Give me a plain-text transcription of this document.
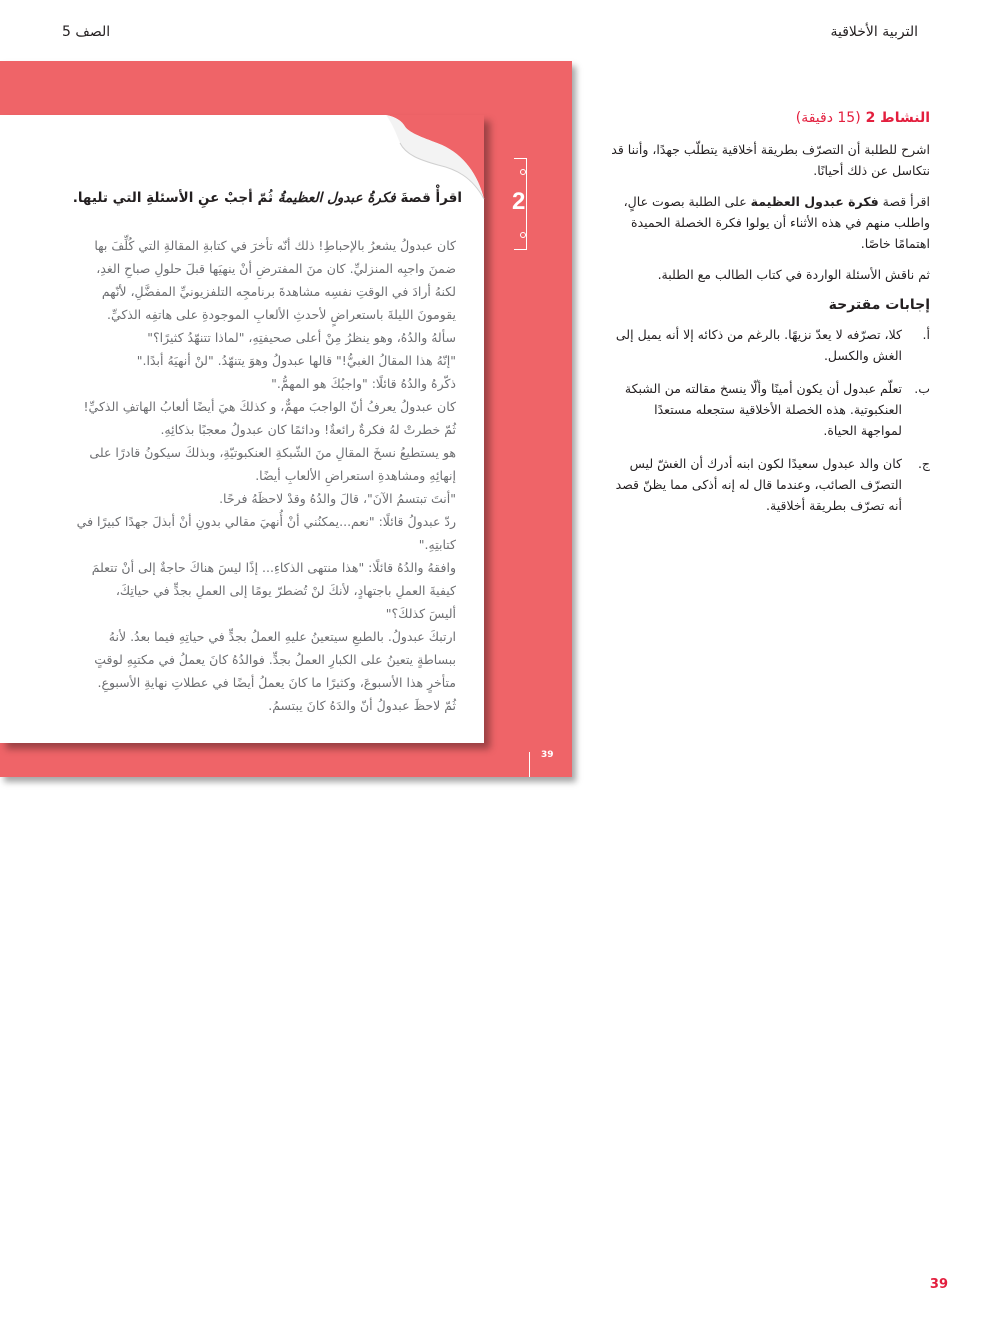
التربية الأخلاقية
الصف 5
2
اقرأْ قصةَ فكرةُ عبدول العظيمةُ ثُمّ أجبْ عنِ الأسئلةِ التي تليها.
كان عبدولُ يشعرُ بالإحباطِ! ذلك أنّه تأخرَ في كتابةِ المقالةِ التي كُلِّفَ بها
ضمنَ واجبِه المنزليِّ. كان منَ المفترضِ أنْ ينهيَها قبلَ حلولِ صباحِ الغدِ،
لكنهُ أرادَ في الوقتِ نفسِه مشاهدةَ برنامجِه التلفزيونيِّ المفضَّلِ، لأنّهم
يقومونَ الليلةَ باستعراضٍ لأحدثِ الألعابِ الموجودةِ على هاتفِه الذكيِّ.
سألهُ والدُهُ، وهو ينظرُ مِنْ أعلى صحيفتِهِ، "لماذا تتنهّدُ كثيرًا؟"
"إنّهُ هذا المقالُ الغبيُّ!" قالها عبدولُ وهوَ يتنهّدُ. "لنْ أنهيَهُ أبدًا."
ذكّرهُ والدُهُ قائلًا: "واجبُكَ هو المهمُّ."
كان عبدولُ يعرفُ أنّ الواجبَ مهمٌّ، و كذلكَ هيَ أيضًا ألعابُ الهاتفِ الذكيِّ!
ثُمّ خطرتْ لهُ فكرةٌ رائعةٌ! ودائمًا كان عبدولُ معجبًا بذكائِهِ.
هو يستطيعُ نسخَ المقالِ منَ الشّبكةِ العنكبوتيّةِ، وبذلكَ سيكونُ قادرًا على
إنهائِهِ ومشاهدةِ استعراضِ الألعابِ أيضًا.
"أنتَ تبتسمُ الآنَ"، قالَ والدُهُ وقدْ لاحظَهُ فرحًا.
ردّ عبدولُ قائلًا: "نعم...يمكنُني أنْ أُنهيَ مقالي بدونِ أنْ أبذلَ جهدًا كبيرًا في
كتابتِهِ."
وافقهُ والدُهُ قائلًا: "هذا منتهى الذكاءِ... إذًا ليسَ هناكَ حاجةٌ إلى أنْ تتعلمَ
كيفيةَ العملِ باجتهادٍ، لأنكَ لنْ تُضطرّ يومًا إلى العملِ بجدٍّ في حياتِكَ،
أليسَ كذلكَ؟"
ارتبكَ عبدولُ. بالطبعِ سيتعينُ عليهِ العملُ بجدٍّ في حياتِهِ فيما بعدُ. لأنهُ
ببساطةٍ يتعينُ على الكبارِ العملُ بجدٍّ. فوالدُهُ كانَ يعملُ في مكتبِهِ لوقتٍ
متأخرٍ هذا الأسبوعَ، وكثيرًا ما كانَ يعملُ أيضًا في عطلاتِ نهايةِ الأسبوعِ.
ثُمّ لاحظَ عبدولُ أنّ والدَهُ كانَ يبتسمُ.
39
النشاط 2 (15 دقيقة)

اشرح للطلبة أن التصرّف بطريقة أخلاقية يتطلّب جهدًا، وأننا قد نتكاسل عن ذلك أحيانًا.

اقرأ قصة فكرة عبدول العظيمة على الطلبة بصوت عالٍ، واطلب منهم في هذه الأثناء أن يولوا فكرة الخصلة الحميدة اهتمامًا خاصًا.

ثم ناقش الأسئلة الواردة في كتاب الطالب مع الطلبة.

إجابات مقترحة
أ.
كلا، تصرّفه لا يعدّ نزيهًا. بالرغم من ذكائه إلا أنه يميل إلى الغش والكسل.
ب.
تعلّم عبدول أن يكون أمينًا وألّا ينسخ مقالته من الشبكة العنكبوتية. هذه الخصلة الأخلاقية ستجعله مستعدًا لمواجهة الحياة.
ج.
كان والد عبدول سعيدًا لكون ابنه أدرك أن الغشّ ليس التصرّف الصائب، وعندما قال له إنه أذكى مما يظنّ قصد أنه تصرّف بطريقة أخلاقية.
39
